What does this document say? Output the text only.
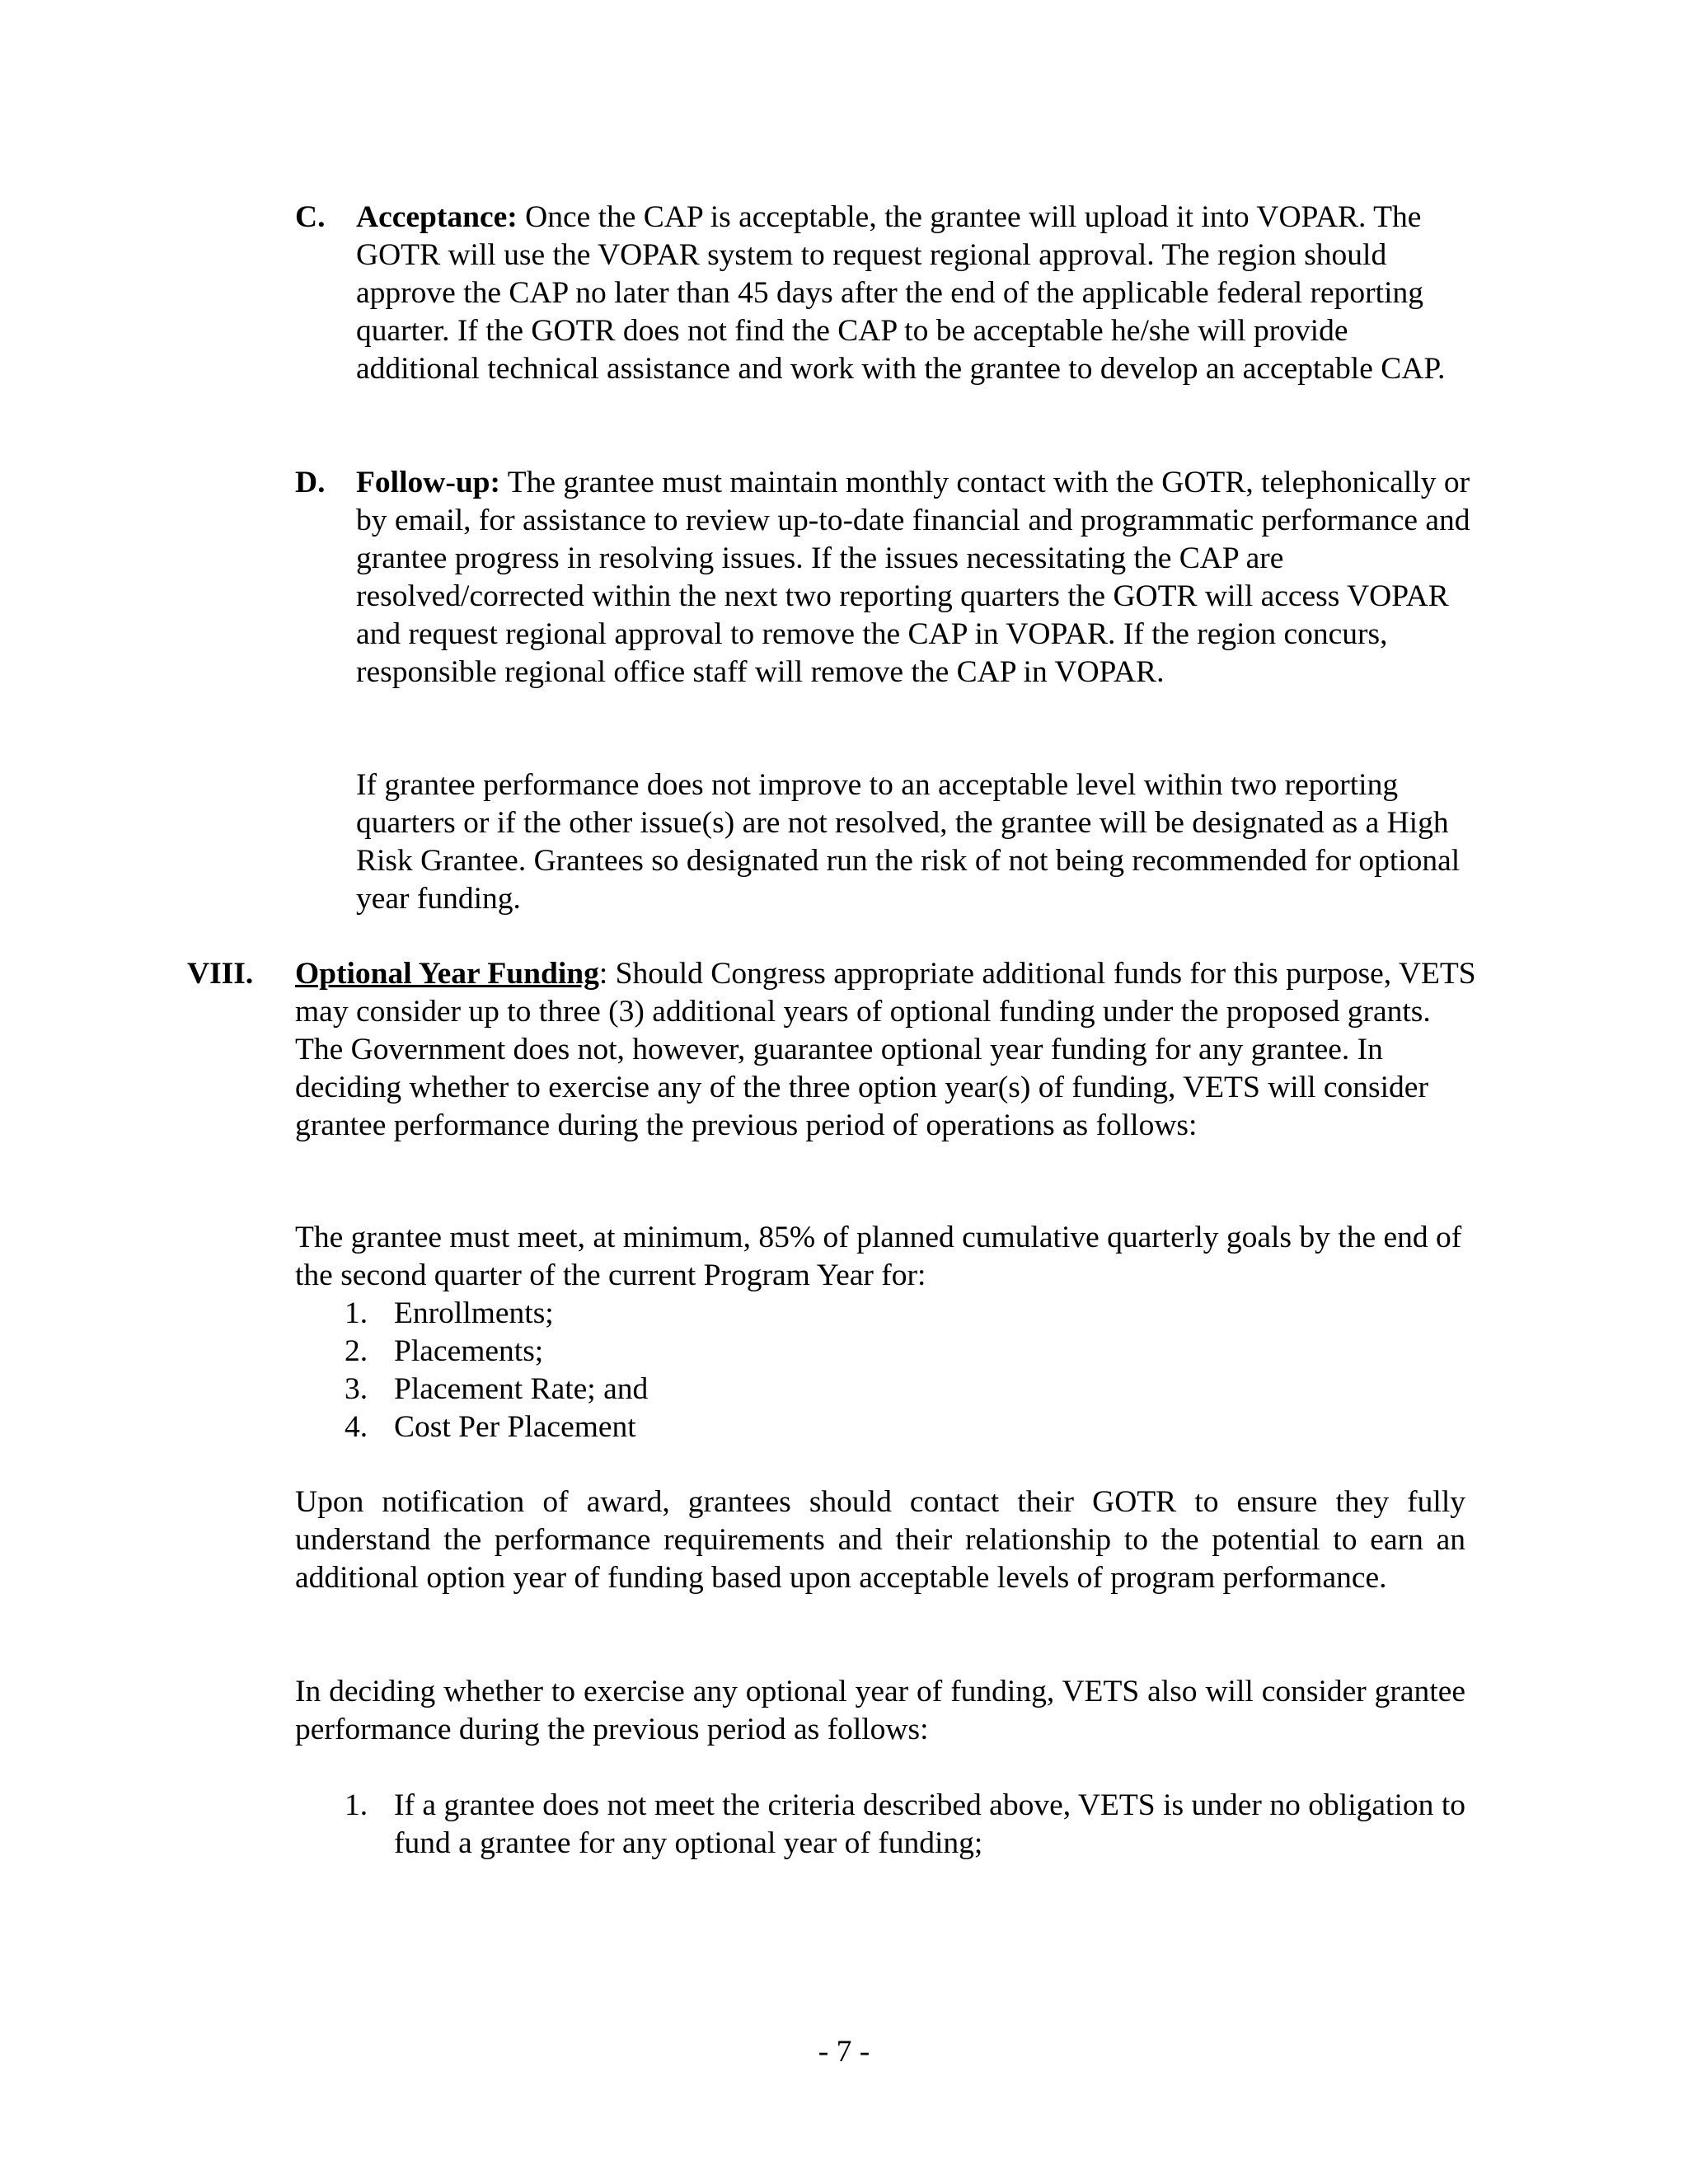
C. Acceptance: Once the CAP is acceptable, the grantee will upload it into VOPAR. The GOTR will use the VOPAR system to request regional approval. The region should approve the CAP no later than 45 days after the end of the applicable federal reporting quarter. If the GOTR does not find the CAP to be acceptable he/she will provide additional technical assistance and work with the grantee to develop an acceptable CAP.

D. Follow-up: The grantee must maintain monthly contact with the GOTR, telephonically or by email, for assistance to review up-to-date financial and programmatic performance and grantee progress in resolving issues. If the issues necessitating the CAP are resolved/corrected within the next two reporting quarters the GOTR will access VOPAR and request regional approval to remove the CAP in VOPAR. If the region concurs, responsible regional office staff will remove the CAP in VOPAR.

If grantee performance does not improve to an acceptable level within two reporting quarters or if the other issue(s) are not resolved, the grantee will be designated as a High Risk Grantee. Grantees so designated run the risk of not being recommended for optional year funding.

VIII. Optional Year Funding: Should Congress appropriate additional funds for this purpose, VETS may consider up to three (3) additional years of optional funding under the proposed grants. The Government does not, however, guarantee optional year funding for any grantee. In deciding whether to exercise any of the three option year(s) of funding, VETS will consider grantee performance during the previous period of operations as follows:

The grantee must meet, at minimum, 85% of planned cumulative quarterly goals by the end of the second quarter of the current Program Year for:

1. Enrollments;
2. Placements;
3. Placement Rate; and
4. Cost Per Placement

Upon notification of award, grantees should contact their GOTR to ensure they fully understand the performance requirements and their relationship to the potential to earn an additional option year of funding based upon acceptable levels of program performance.

In deciding whether to exercise any optional year of funding, VETS also will consider grantee performance during the previous period as follows:

1. If a grantee does not meet the criteria described above, VETS is under no obligation to fund a grantee for any optional year of funding;
- 7 -
